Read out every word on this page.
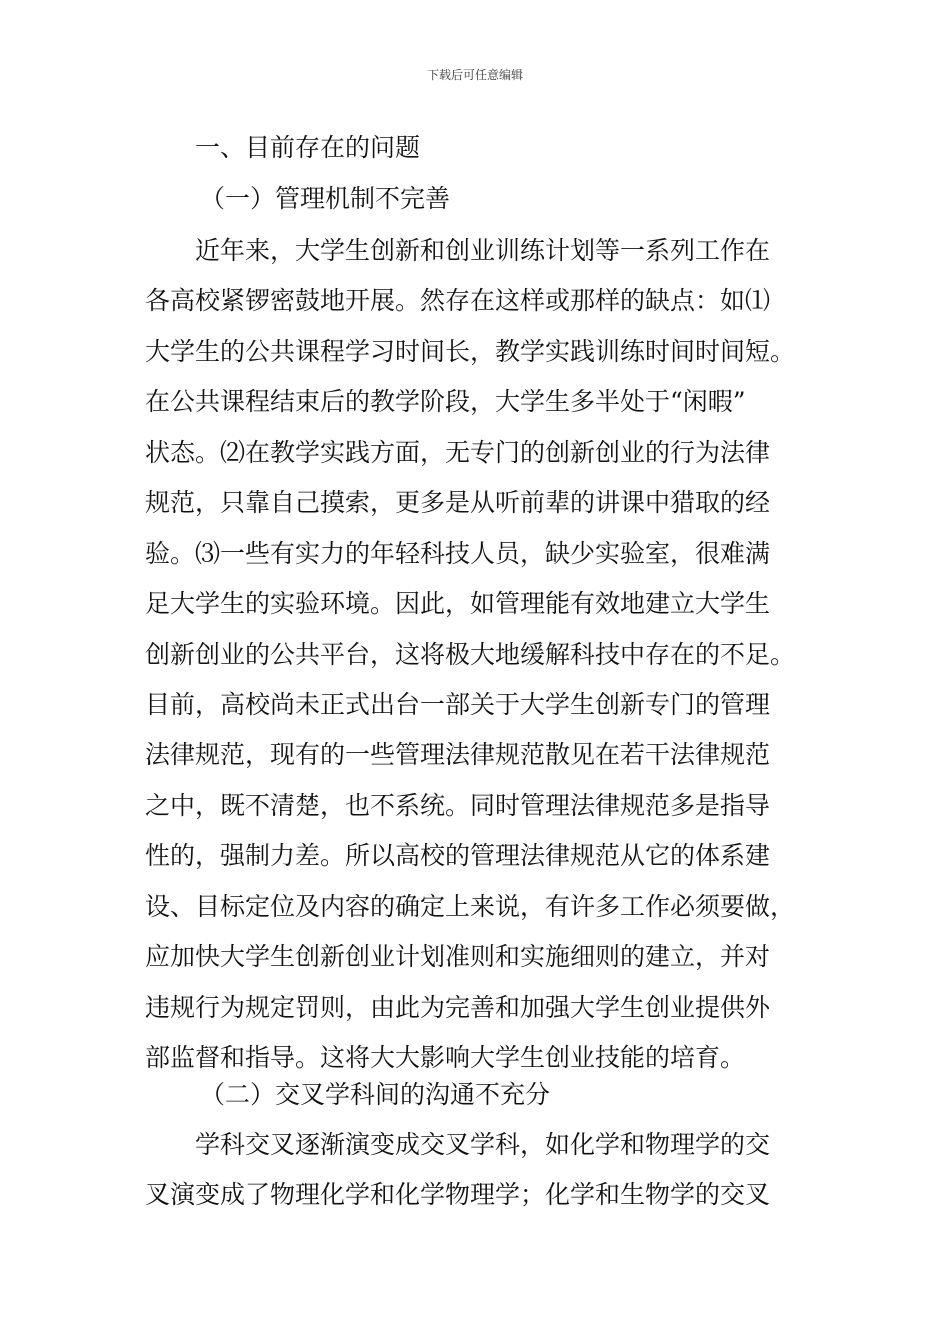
下载后可任意编辑
一、目前存在的问题
（一）管理机制不完善
近年来，大学生创新和创业训练计划等一系列工作在
各高校紧锣密鼓地开展。然存在这样或那样的缺点：如⑴
大学生的公共课程学习时间长，教学实践训练时间时间短。
在公共课程结束后的教学阶段，大学生多半处于“闲暇”
状态。⑵在教学实践方面，无专门的创新创业的行为法律
规范，只靠自己摸索，更多是从听前辈的讲课中猎取的经
验。⑶一些有实力的年轻科技人员，缺少实验室，很难满
足大学生的实验环境。因此，如管理能有效地建立大学生
创新创业的公共平台，这将极大地缓解科技中存在的不足。
目前，高校尚未正式出台一部关于大学生创新专门的管理
法律规范，现有的一些管理法律规范散见在若干法律规范
之中，既不清楚，也不系统。同时管理法律规范多是指导
性的，强制力差。所以高校的管理法律规范从它的体系建
设、目标定位及内容的确定上来说，有许多工作必须要做，
应加快大学生创新创业计划准则和实施细则的建立，并对
违规行为规定罚则，由此为完善和加强大学生创业提供外
部监督和指导。这将大大影响大学生创业技能的培育。
（二）交叉学科间的沟通不充分
学科交叉逐渐演变成交叉学科，如化学和物理学的交
叉演变成了物理化学和化学物理学；化学和生物学的交叉
